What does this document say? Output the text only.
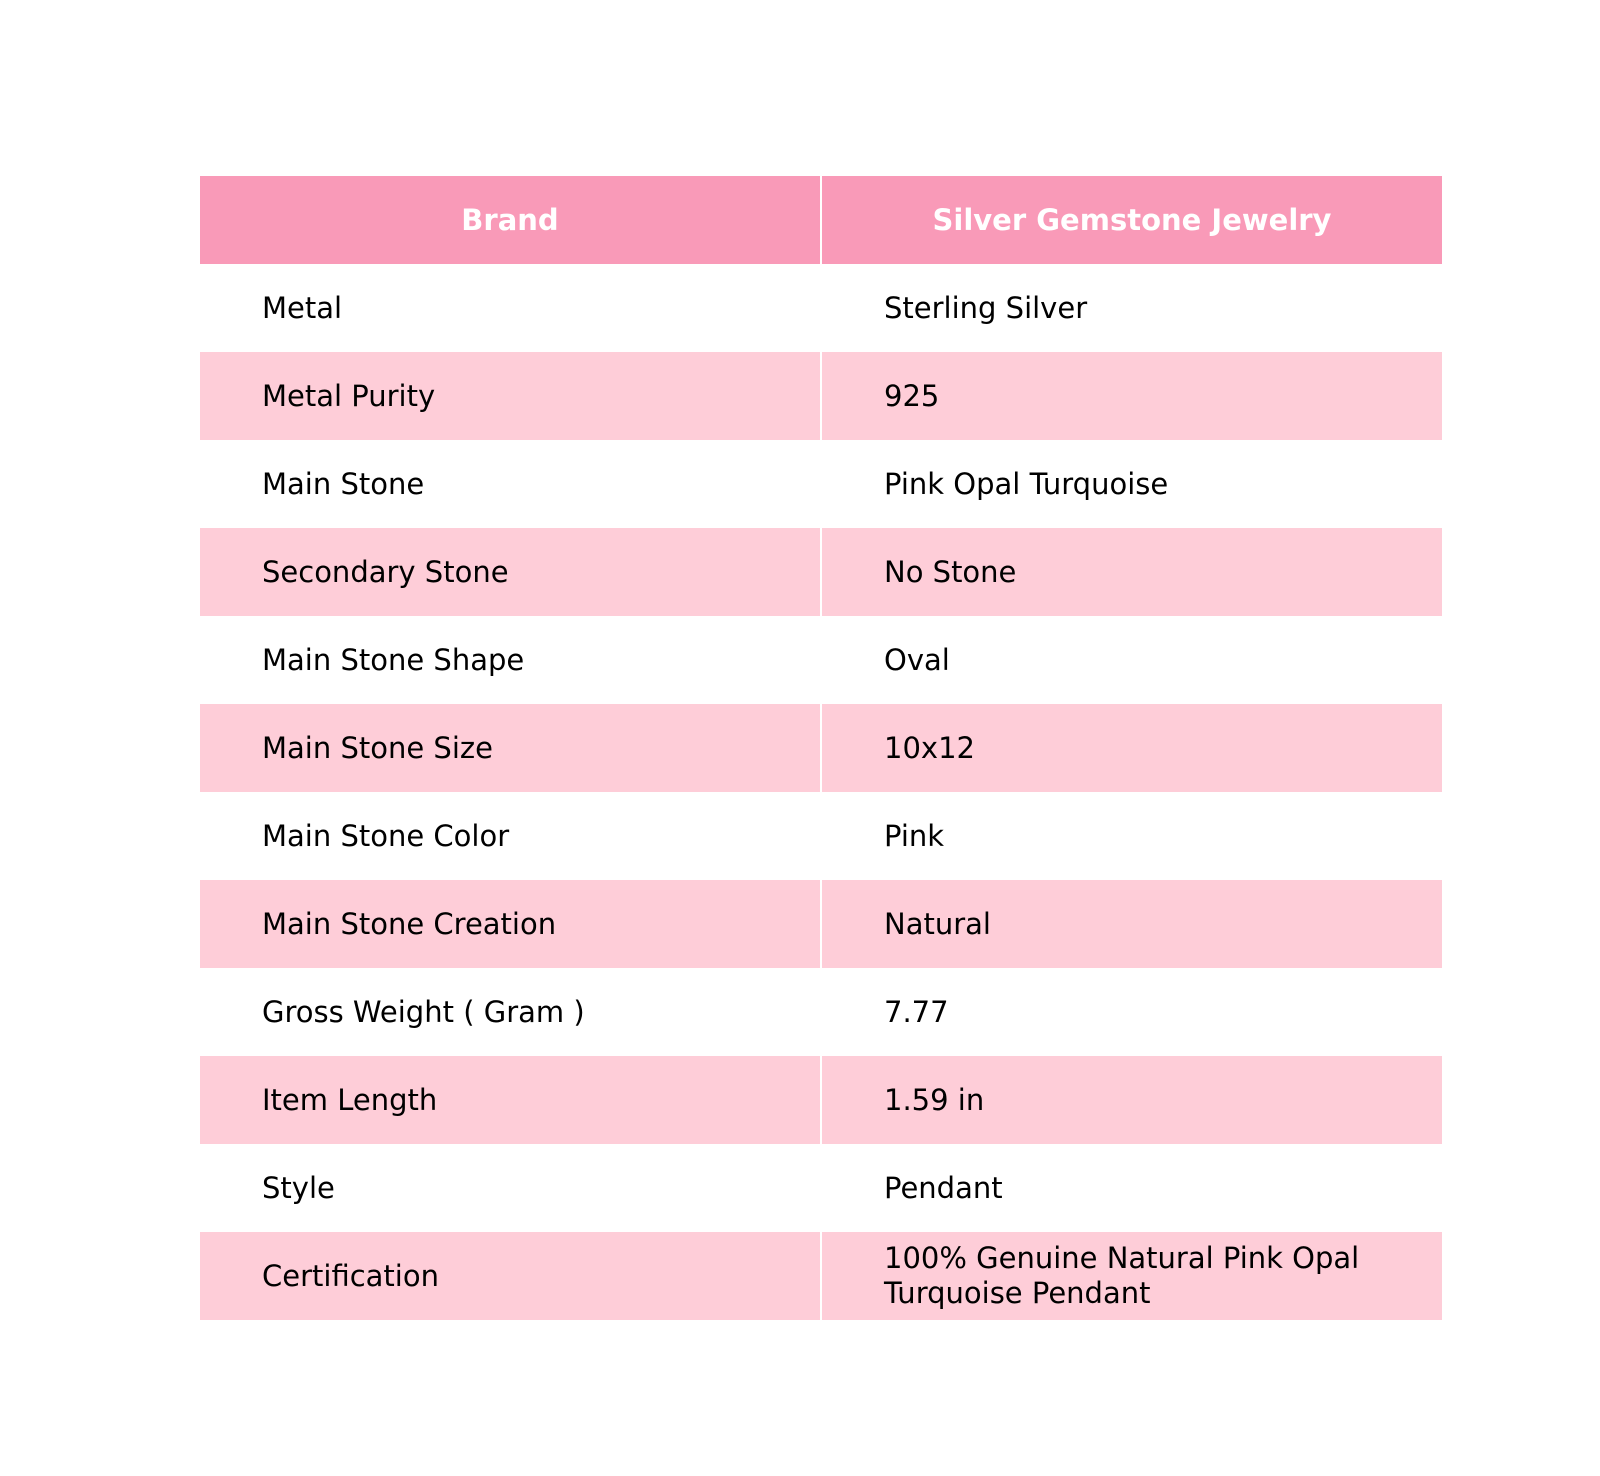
Brand	Silver Gemstone Jewelry
Metal	Sterling Silver
Metal Purity	925
Main Stone	Pink Opal Turquoise
Secondary Stone	No Stone
Main Stone Shape	Oval
Main Stone Size	10x12
Main Stone Color	Pink
Main Stone Creation	Natural
Gross Weight ( Gram )	7.77
Item Length	1.59 in
Style	Pendant
Certification	100% Genuine Natural Pink Opal Turquoise Pendant
